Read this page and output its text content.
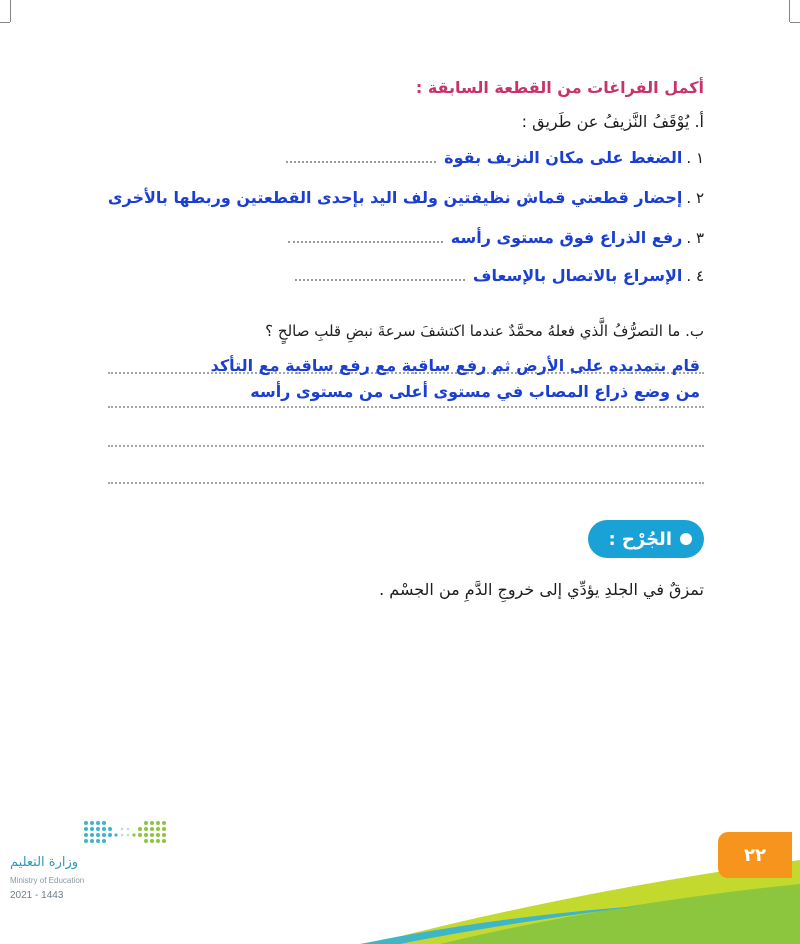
أكمل الفراغات من القطعة السابقة :
أ. يُوْقَفُ النَّزيفُ عن طَريق :
١ .
الضغط على مكان النزيف بقوة
٢ .
إحضار قطعتي قماش نظيفتين ولف اليد بإحدى القطعتين وربطها بالأخرى
٣ .
رفع الذراع فوق مستوى رأسه
٤ .
الإسراع بالاتصال بالإسعاف
ب. ما التصرُّفُ الَّذي فعلهُ محمَّدٌ عندما اكتشفَ سرعةَ نبضِ قلبِ صالحٍ ؟
قام بتمديده على الأرض ثم رفع ساقية مع رفع ساقية مع التأكد
من وضع ذراع المصاب في مستوى أعلى من مستوى رأسه
الجُرْح :
تمزقٌ في الجلدِ يؤدِّي إلى خروجِ الدَّمِ من الجسْم .
وزارة التعليم
Ministry of Education
2021 - 1443
٢٢
